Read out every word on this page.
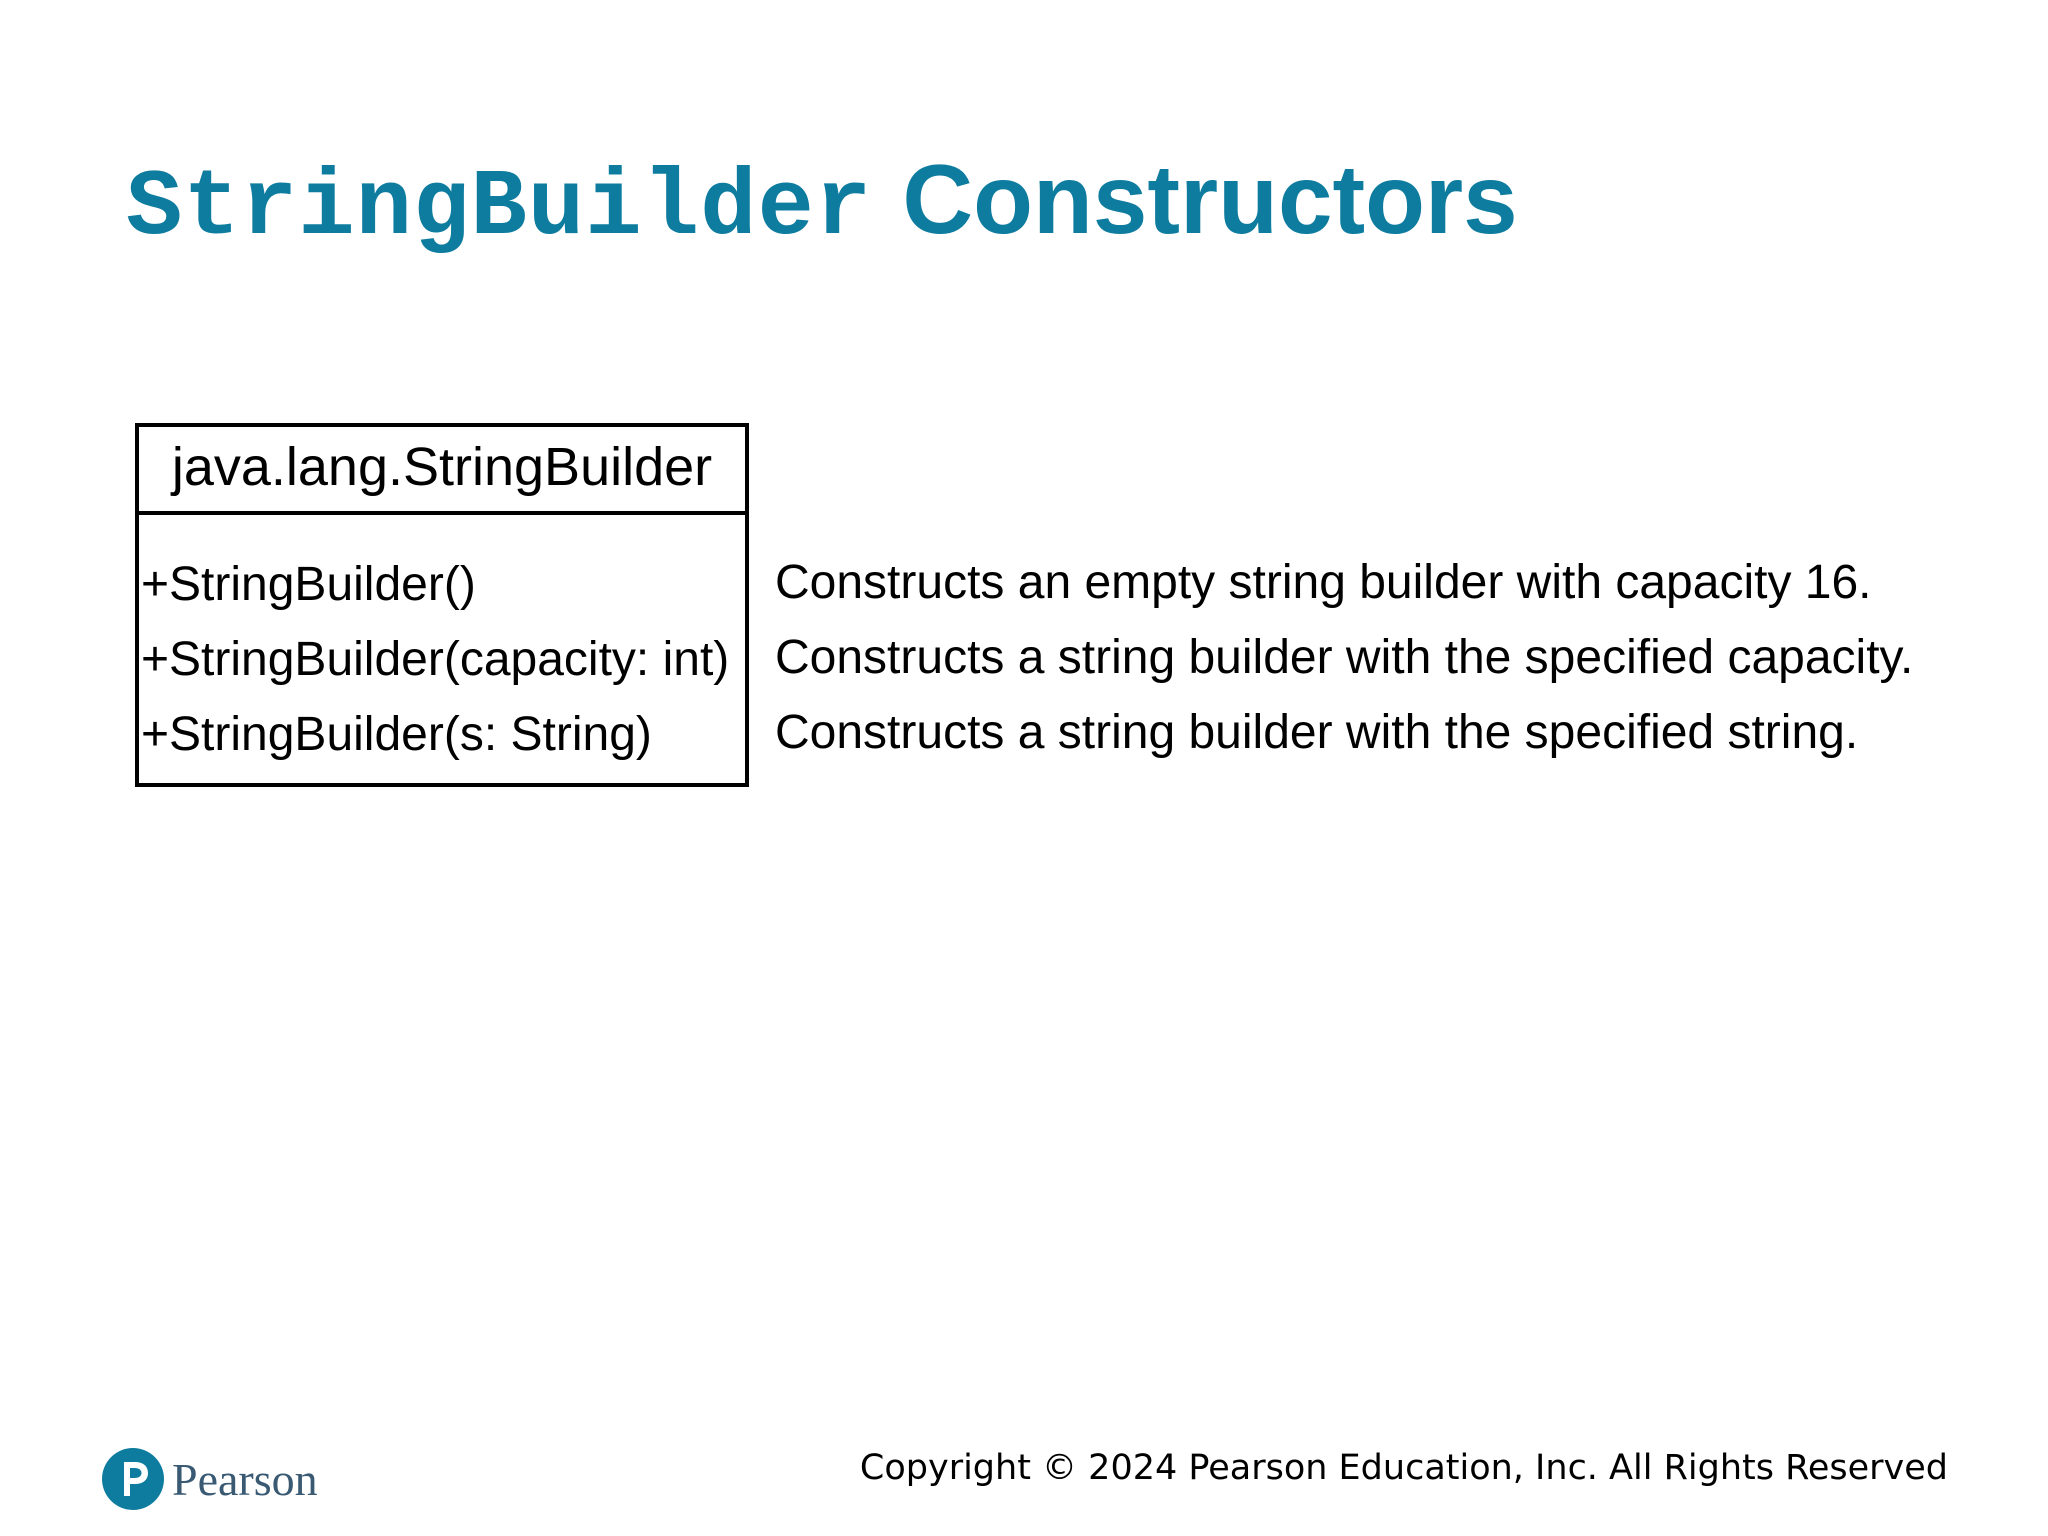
StringBuilder Constructors
java.lang.StringBuilder
+StringBuilder()
+StringBuilder(capacity: int)
+StringBuilder(s: String)
Constructs an empty string builder with capacity 16.
Constructs a string builder with the specified capacity.
Constructs a string builder with the specified string.
Pearson	Copyright © 2024 Pearson Education, Inc. All Rights Reserved
